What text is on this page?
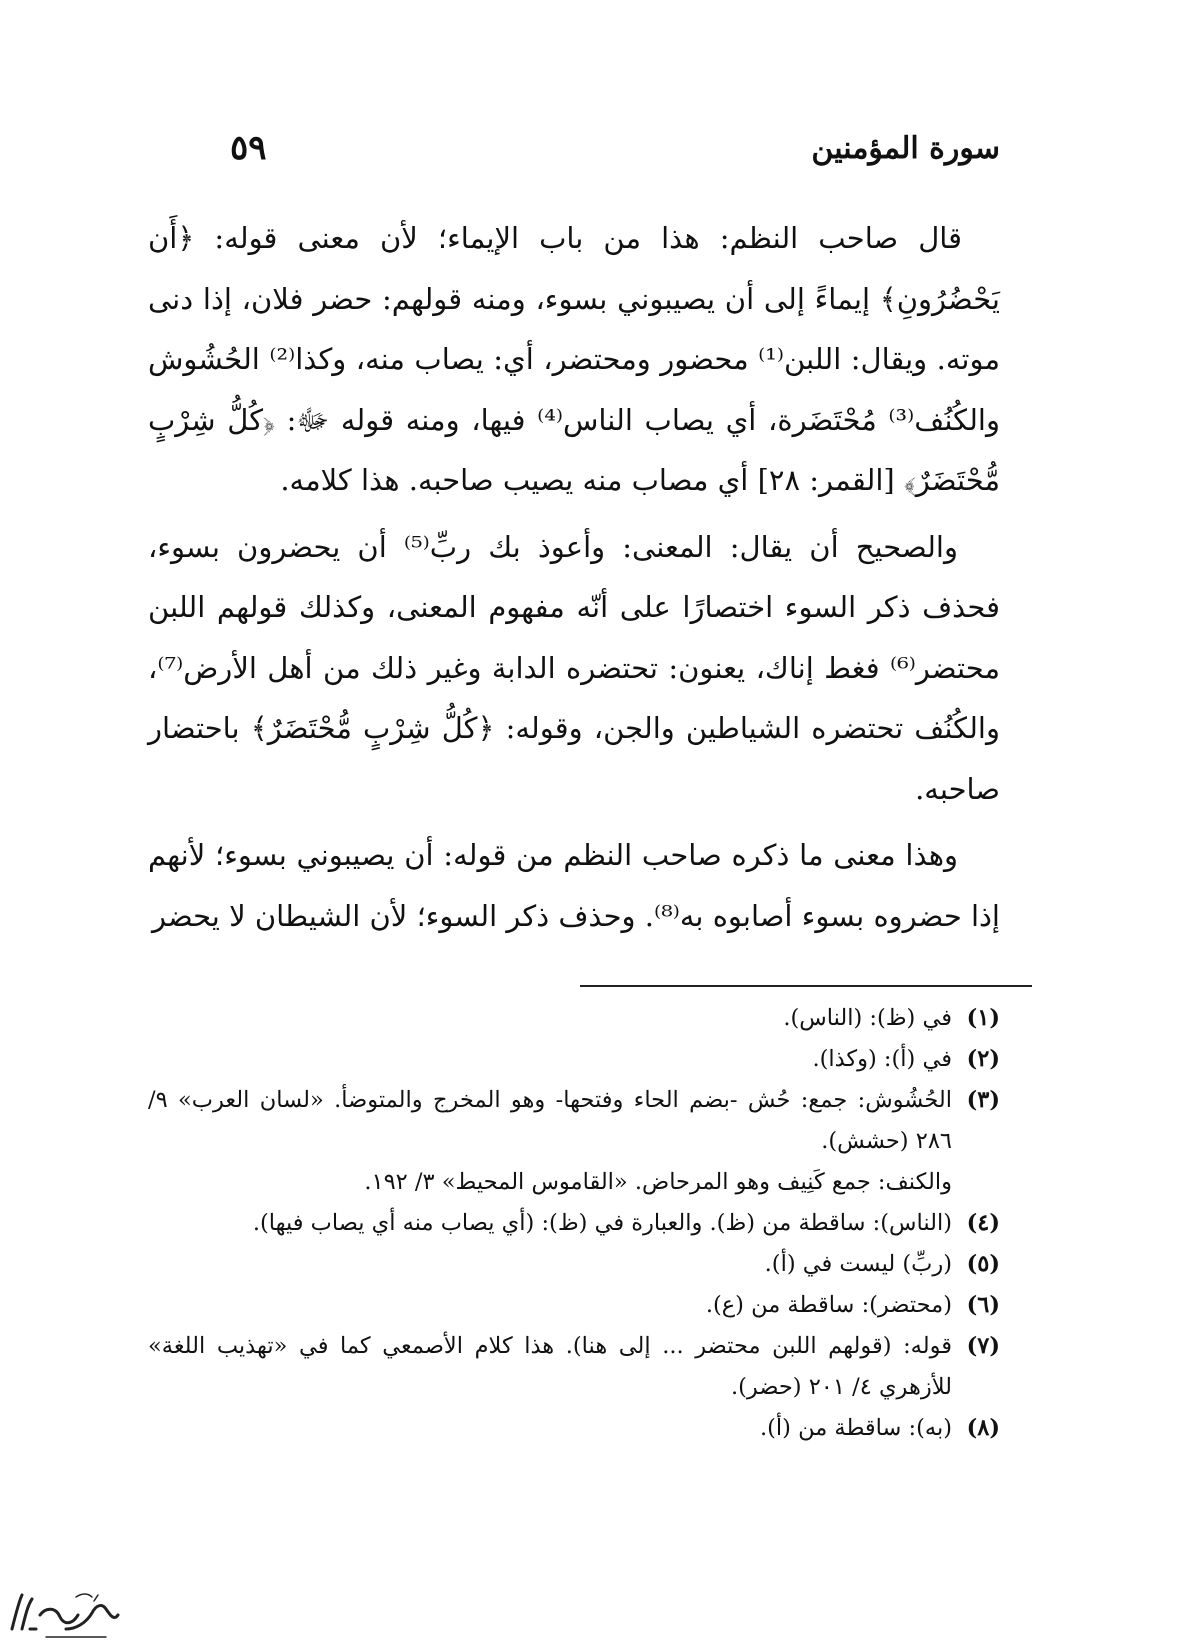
سورة المؤمنين
٥٩

قال صاحب النظم: هذا من باب الإيماء؛ لأن معنى قوله: ﴿أَن يَحْضُرُونِ﴾ إيماءً إلى أن يصيبوني بسوء، ومنه قولهم: حضر فلان، إذا دنى موته. ويقال: اللبن⁽¹⁾ محضور ومحتضر، أي: يصاب منه، وكذا⁽²⁾ الحُشُوش والكُنُف⁽³⁾ مُحْتَضَرة، أي يصاب الناس⁽⁴⁾ فيها، ومنه قوله ﷻ: ﴿كُلُّ شِرْبٍ مُّحْتَضَرٌ﴾ [القمر: ٢٨] أي مصاب منه يصيب صاحبه. هذا كلامه.

والصحيح أن يقال: المعنى: وأعوذ بك ربِّ⁽⁵⁾ أن يحضرون بسوء، فحذف ذكر السوء اختصارًا على أنّه مفهوم المعنى، وكذلك قولهم اللبن محتضر⁽⁶⁾ فغط إناك، يعنون: تحتضره الدابة وغير ذلك من أهل الأرض⁽⁷⁾، والكُنُف تحتضره الشياطين والجن، وقوله: ﴿كُلُّ شِرْبٍ مُّحْتَضَرٌ﴾ باحتضار صاحبه.

وهذا معنى ما ذكره صاحب النظم من قوله: أن يصيبوني بسوء؛ لأنهم إذا حضروه بسوء أصابوه به⁽⁸⁾. وحذف ذكر السوء؛ لأن الشيطان لا يحضر

(١)
في (ظ): (الناس).
(٢)
في (أ): (وكذا).
(٣)
الحُشُوش: جمع: حُش -بضم الحاء وفتحها- وهو المخرج والمتوضأ. «لسان العرب» ٩/ ٢٨٦ (حشش).
والكنف: جمع كَنِيف وهو المرحاض. «القاموس المحيط» ٣/ ١٩٢.
(٤)
(الناس): ساقطة من (ظ). والعبارة في (ظ): (أي يصاب منه أي يصاب فيها).
(٥)
(ربِّ) ليست في (أ).
(٦)
(محتضر): ساقطة من (ع).
(٧)
قوله: (قولهم اللبن محتضر ... إلى هنا). هذا كلام الأصمعي كما في «تهذيب اللغة» للأزهري ٤/ ٢٠١ (حضر).
(٨)
(به): ساقطة من (أ).
